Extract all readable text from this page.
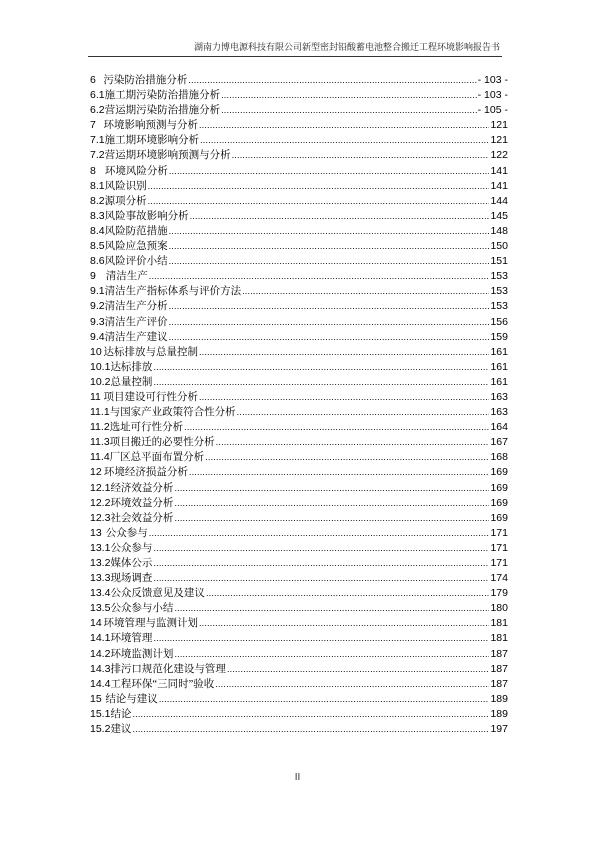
湖南力博电源科技有限公司新型密封铅酸蓄电池整合搬迁工程环境影响报告书
6 污染防治措施分析 .....	- 103 -
6.1 施工期污染防治措施分析 .....	- 103 -
6.2 营运期污染防治措施分析 .....	- 105 -
7 环境影响预测与分析 .....	121
7.1 施工期环境影响分析 .....	121
7.2 营运期环境影响预测与分析 .....	122
8 环境风险分析 .....	141
8.1 风险识别 .....	141
8.2 源项分析 .....	144
8.3 风险事故影响分析 .....	145
8.4 风险防范措施 .....	148
8.5 风险应急预案 .....	150
8.6 风险评价小结 .....	151
9 清洁生产 .....	153
9.1 清洁生产指标体系与评价方法 .....	153
9.2 清洁生产分析 .....	153
9.3 清洁生产评价 .....	156
9.4 清洁生产建议 .....	159
10 达标排放与总量控制 .....	161
10.1 达标排放 .....	161
10.2 总量控制 .....	161
11 项目建设可行性分析 .....	163
11.1 与国家产业政策符合性分析 .....	163
11.2 选址可行性分析 .....	164
11.3 项目搬迁的必要性分析 .....	167
11.4 厂区总平面布置分析 .....	168
12 环境经济损益分析 .....	169
12.1 经济效益分析 .....	169
12.2 环境效益分析 .....	169
12.3 社会效益分析 .....	169
13 公众参与 .....	171
13.1 公众参与 .....	171
13.2 媒体公示 .....	171
13.3 现场调查 .....	174
13.4 公众反馈意见及建议 .....	179
13.5 公众参与小结 .....	180
14 环境管理与监测计划 .....	181
14.1 环境管理 .....	181
14.2 环境监测计划 .....	187
14.3 排污口规范化建设与管理 .....	187
14.4 工程环保“三同时”验收 .....	187
15 结论与建议 .....	189
15.1 结论 .....	189
15.2 建议 .....	197
II
